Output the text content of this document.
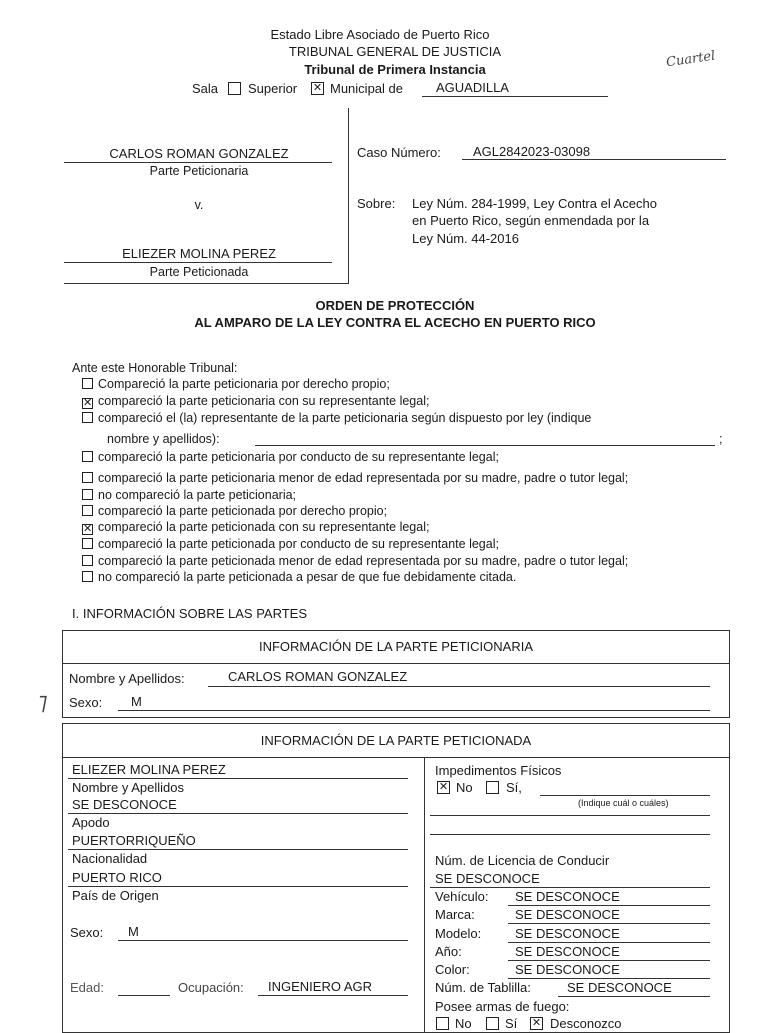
Estado Libre Asociado de Puerto Rico
TRIBUNAL GENERAL DE JUSTICIA
Tribunal de Primera Instancia	Cuartel
Sala Superior ✕ Municipal de	AGUADILLA
CARLOS ROMAN GONZALEZ
Parte Peticionaria
v.
ELIEZER MOLINA PEREZ
Parte Peticionada
Caso Número: AGL2842023-03098
Sobre: Ley Núm. 284-1999, Ley Contra el Acecho
en Puerto Rico, según enmendada por la
Ley Núm. 44-2016
ORDEN DE PROTECCIÓN
AL AMPARO DE LA LEY CONTRA EL ACECHO EN PUERTO RICO
Ante este Honorable Tribunal:
Compareció la parte peticionaria por derecho propio;
✕ compareció la parte peticionaria con su representante legal;
compareció el (la) representante de la parte peticionaria según dispuesto por ley (indique
compareció la parte peticionaria por conducto de su representante legal;
compareció la parte peticionaria menor de edad representada por su madre, padre o tutor legal;
no compareció la parte peticionaria;
compareció la parte peticionada por derecho propio;
✕ compareció la parte peticionada con su representante legal;
compareció la parte peticionada por conducto de su representante legal;
compareció la parte peticionada menor de edad representada por su madre, padre o tutor legal;
no compareció la parte peticionada a pesar de que fue debidamente citada.
nombre y apellidos):	;
I. INFORMACIÓN SOBRE LAS PARTES
INFORMACIÓN DE LA PARTE PETICIONARIA
Nombre y Apellidos:	CARLOS ROMAN GONZALEZ
Sexo: M
˥
INFORMACIÓN DE LA PARTE PETICIONADA
ELIEZER MOLINA PEREZ
Nombre y Apellidos
SE DESCONOCE
Apodo
PUERTORRIQUEÑO
Nacionalidad
PUERTO RICO
País de Origen
Sexo: M
Edad:	Ocupación: INGENIERO AGR
Impedimentos Físicos
✕ No	Sí,
(Indique cuál o cuáles)
Núm. de Licencia de Conducir
SE DESCONOCE
Vehículo: SE DESCONOCE
Marca:	SE DESCONOCE
Modelo:	SE DESCONOCE
Año:	SE DESCONOCE
Color:	SE DESCONOCE
Núm. de Tablilla:	SE DESCONOCE
Posee armas de fuego:
No	Sí ✕ Desconozco
